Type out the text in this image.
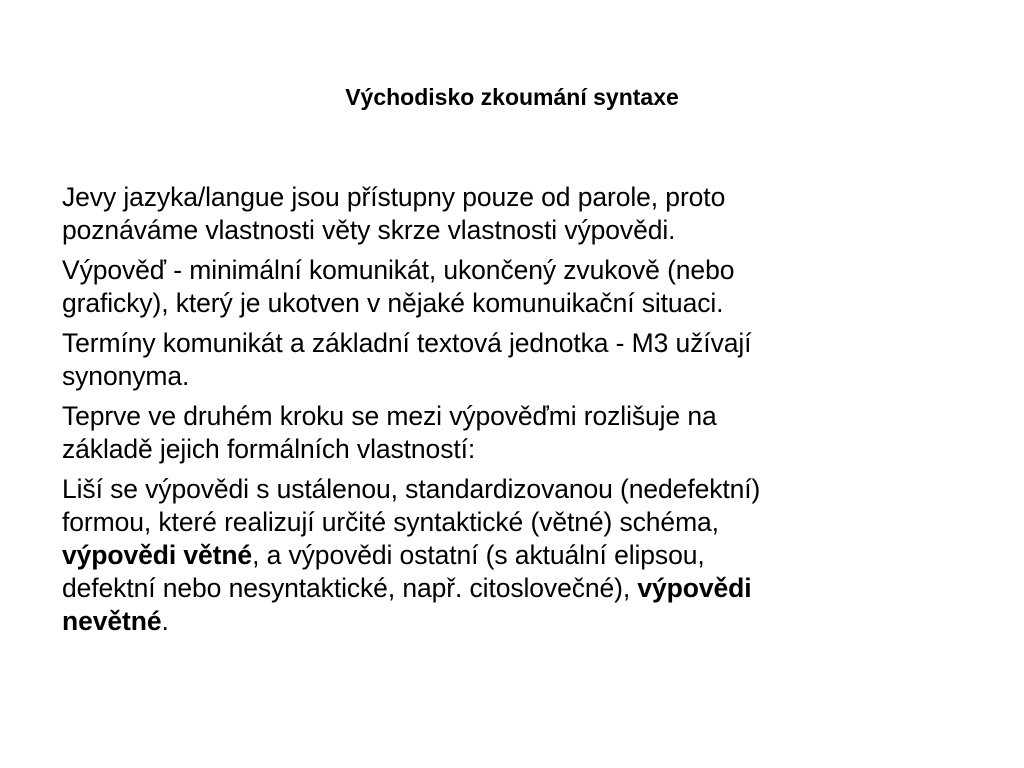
Východisko zkoumání syntaxe
Jevy jazyka/langue jsou přístupny pouze od parole, proto
poznáváme vlastnosti věty skrze vlastnosti výpovědi.
Výpověď - minimální komunikát, ukončený zvukově (nebo
graficky), který je ukotven v nějaké komunuikační situaci.
Termíny komunikát a základní textová jednotka - M3 užívají
synonyma.
Teprve ve druhém kroku se mezi výpověďmi rozlišuje na
základě jejich formálních vlastností:
Liší se výpovědi s ustálenou, standardizovanou (nedefektní)
formou, které realizují určité syntaktické (větné) schéma,
výpovědi větné, a výpovědi ostatní (s aktuální elipsou,
defektní nebo nesyntaktické, např. citoslovečné), výpovědi
nevětné.
